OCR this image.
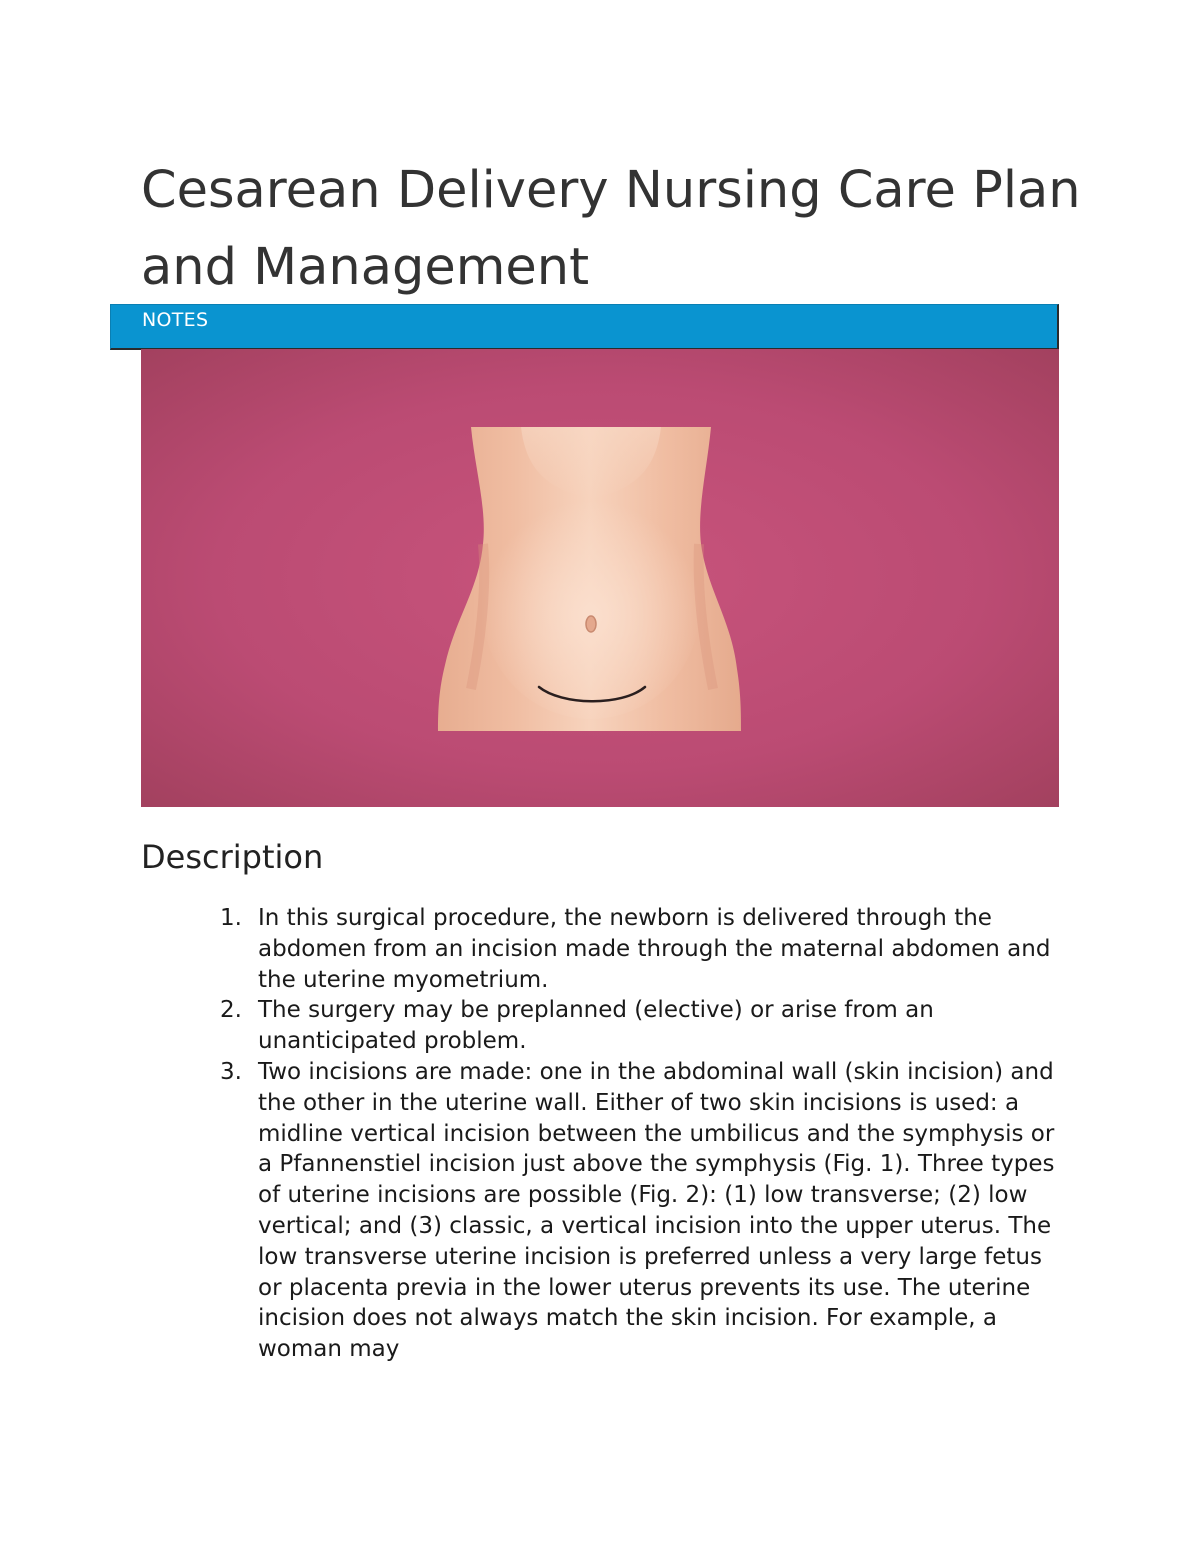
Cesarean Delivery Nursing Care Plan and Management
NOTES
Description
1. In this surgical procedure, the newborn is delivered through the abdomen from an incision made through the maternal abdomen and the uterine myometrium.
2. The surgery may be preplanned (elective) or arise from an unanticipated problem.
3. Two incisions are made: one in the abdominal wall (skin incision) and the other in the uterine wall. Either of two skin incisions is used: a midline vertical incision between the umbilicus and the symphysis or a Pfannenstiel incision just above the symphysis (Fig. 1). Three types of uterine incisions are possible (Fig. 2): (1) low transverse; (2) low vertical; and (3) classic, a vertical incision into the upper uterus. The low transverse uterine incision is preferred unless a very large fetus or placenta previa in the lower uterus prevents its use. The uterine incision does not always match the skin incision. For example, a woman may
